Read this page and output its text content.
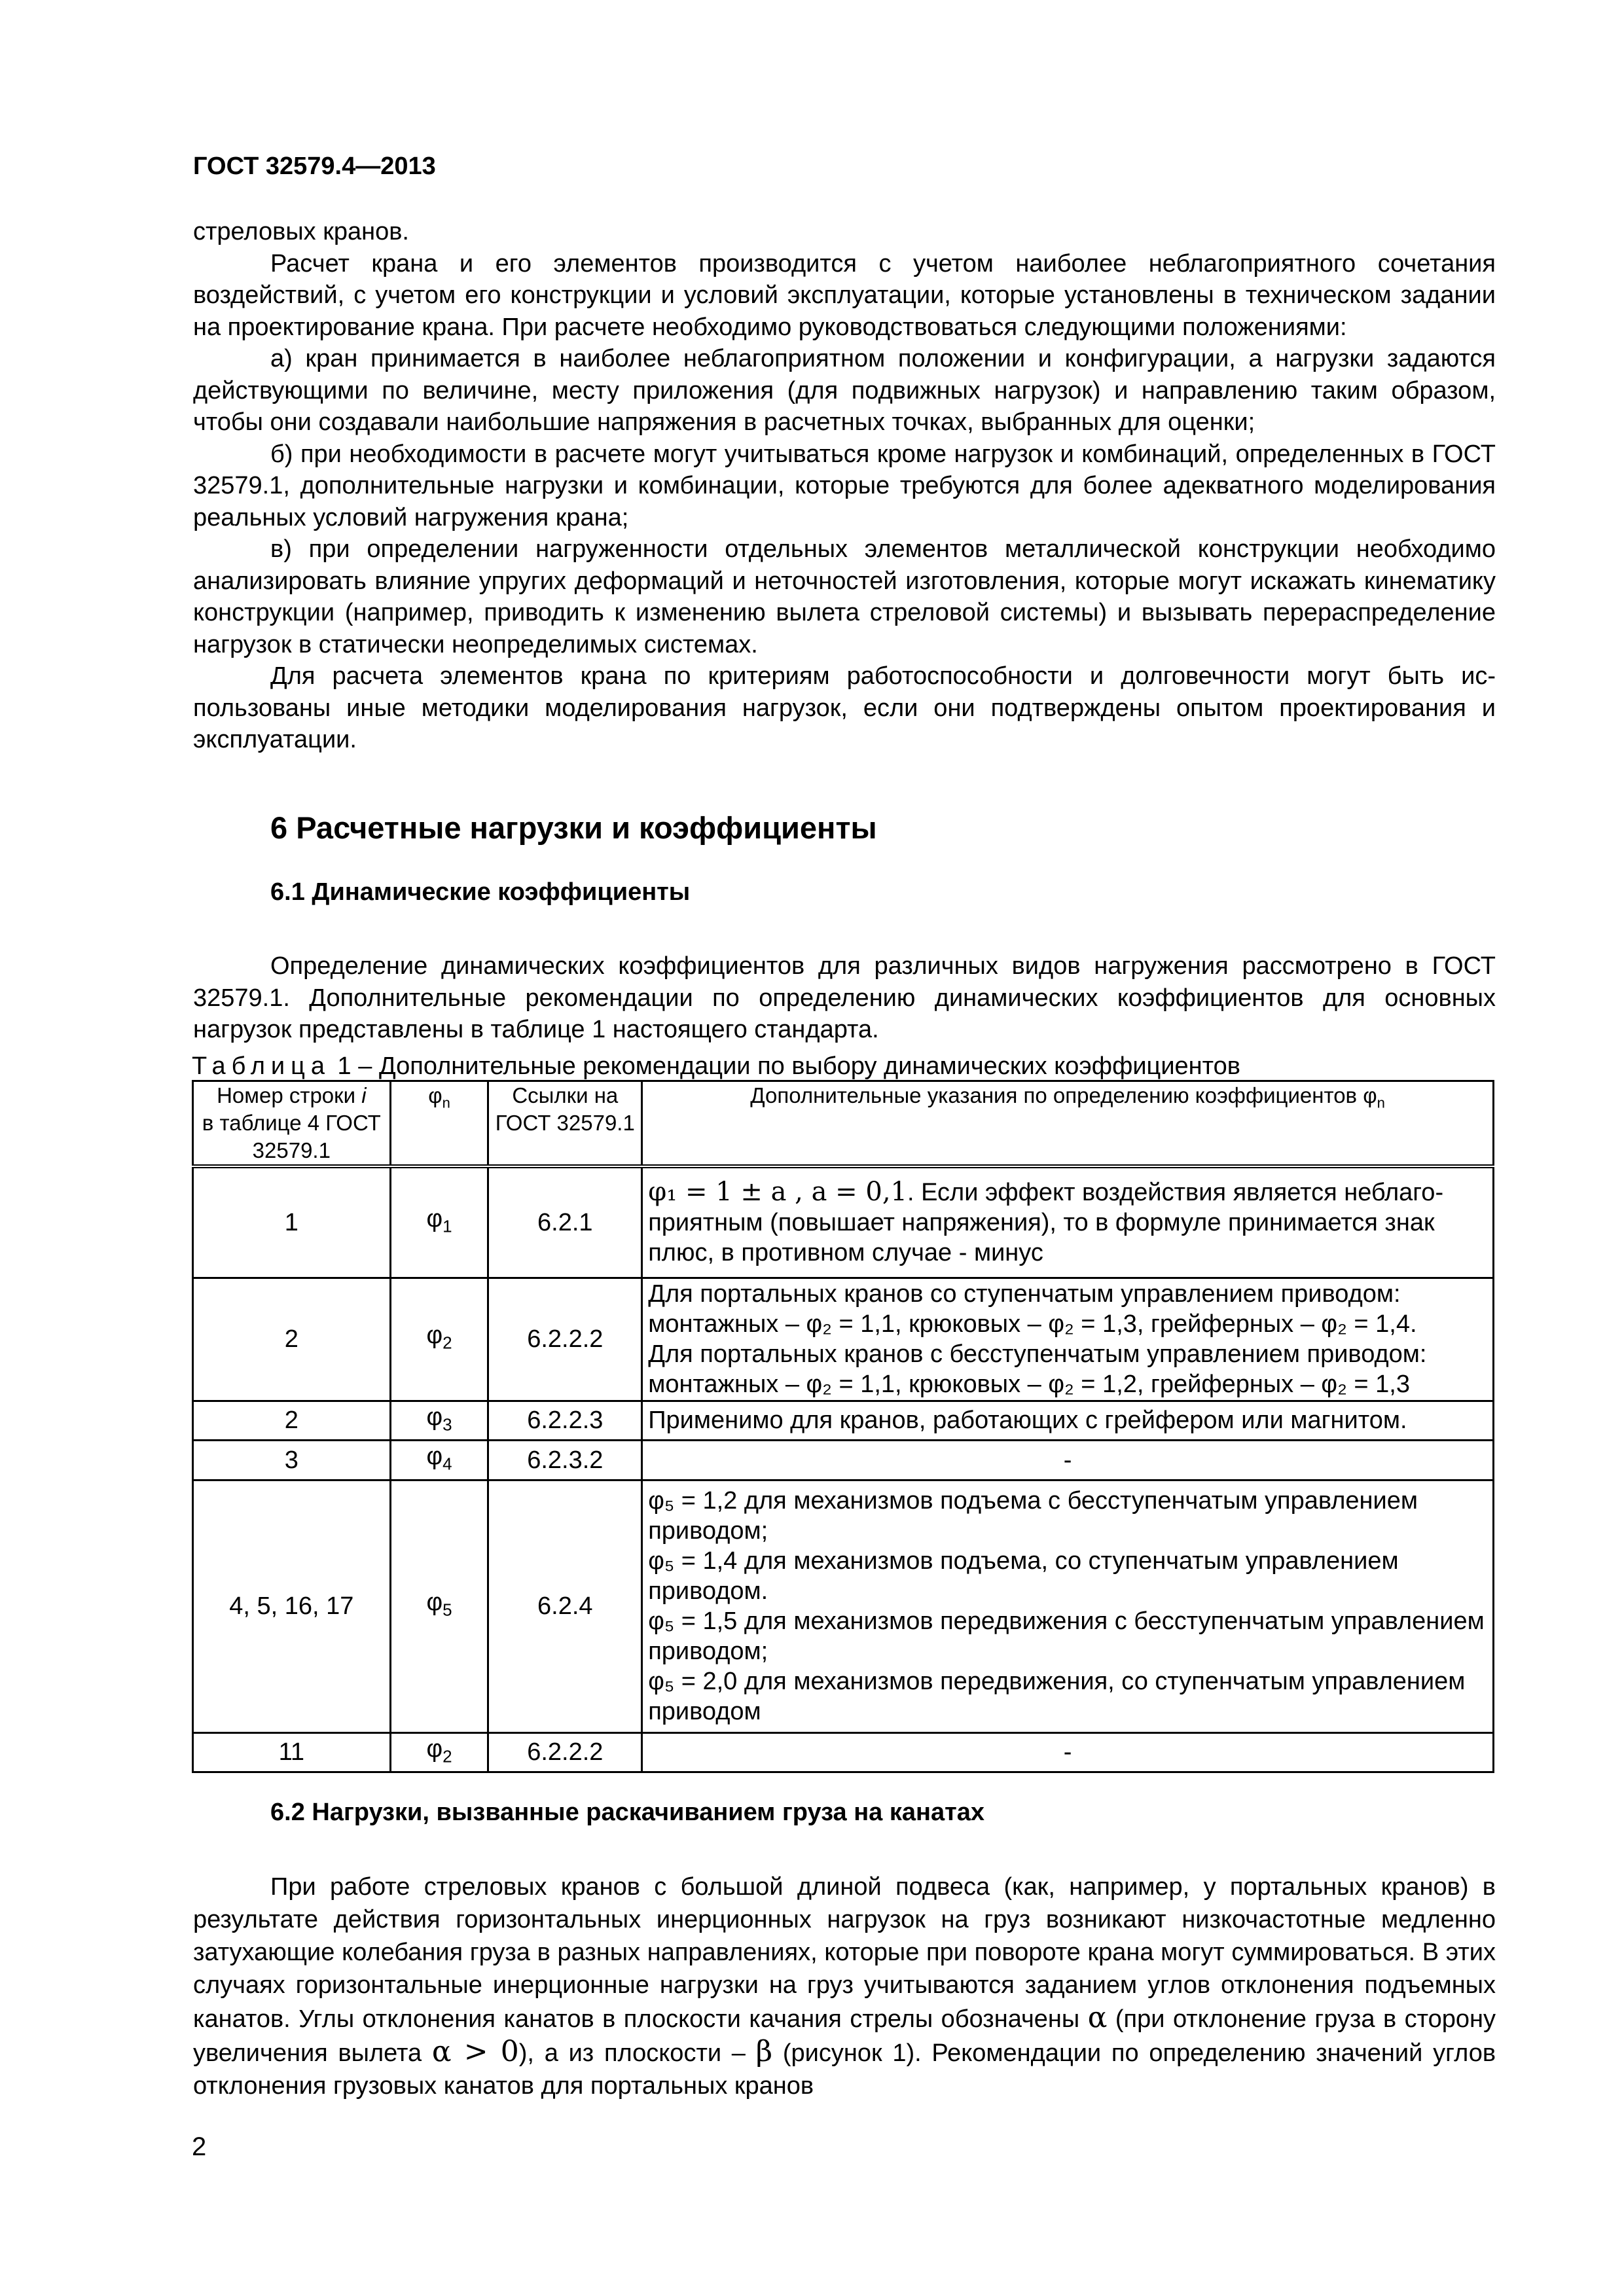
ГОСТ 32579.4—2013

стреловых кранов.

Расчет крана и его элементов производится с учетом наиболее неблагоприятного сочетания воздействий, с учетом его конструкции и условий эксплуатации, которые установлены в техническом задании на проектирование крана. При расчете необходимо руководствоваться следующими положениями:

а) кран принимается в наиболее неблагоприятном положении и конфигурации, а нагрузки задаются действующими по величине, месту приложения (для подвижных нагрузок) и направлению таким образом, чтобы они создавали наибольшие напряжения в расчетных точках, выбранных для оценки;

б) при необходимости в расчете могут учитываться кроме нагрузок и комбинаций, определенных в ГОСТ 32579.1, дополнительные нагрузки и комбинации, которые требуются для более адекватного моделирования реальных условий нагружения крана;

в) при определении нагруженности отдельных элементов металлической конструкции необходимо анализировать влияние упругих деформаций и неточностей изготовления, которые могут искажать кинематику конструкции (например, приводить к изменению вылета стреловой системы) и вызывать перераспределение нагрузок в статически неопределимых системах.

Для расчета элементов крана по критериям работоспособности и долговечности могут быть использованы иные методики моделирования нагрузок, если они подтверждены опытом проектирования и эксплуатации.

6 Расчетные нагрузки и коэффициенты
6.1 Динамические коэффициенты

Определение динамических коэффициентов для различных видов нагружения рассмотрено в ГОСТ 32579.1. Дополнительные рекомендации по определению динамических коэффициентов для основных нагрузок представлены в таблице 1 настоящего стандарта.

Таблица 1 – Дополнительные рекомендации по выбору динамических коэффициентов
Номер строки i
в таблице 4 ГОСТ 32579.1	$\varphi_n$	Ссылки на ГОСТ 32579.1	Дополнительные указания по определению коэффициентов $\varphi_n$
1	$\varphi_1$	6.2.1	φ₁ = 1 ± a , a = 0,1. Если эффект воздействия является неблагоприятным (повышает напряжения), то в формуле принимается знак плюс, в противном случае - минус
2	$\varphi_2$	6.2.2.2	Для портальных кранов со ступенчатым управлением приводом:
монтажных – φ₂ = 1,1, крюковых – φ₂ = 1,3, грейферных – φ₂ = 1,4.
Для портальных кранов с бесступенчатым управлением приводом:
монтажных – φ₂ = 1,1, крюковых – φ₂ = 1,2, грейферных – φ₂ = 1,3

2	$\varphi_3$	6.2.2.3	Применимо для кранов, работающих с грейфером или магнитом.
3	$\varphi_4$	6.2.3.2	-
4, 5, 16, 17	$\varphi_5$	6.2.4	φ₅ = 1,2 для механизмов подъема с бесступенчатым управлением приводом;
φ₅ = 1,4 для механизмов подъема, со ступенчатым управлением приводом.
φ₅ = 1,5 для механизмов передвижения с бесступенчатым управлением приводом;
φ₅ = 2,0 для механизмов передвижения, со ступенчатым управлением приводом

11	$\varphi_2$	6.2.2.2	-
6.2 Нагрузки, вызванные раскачиванием груза на канатах

При работе стреловых кранов с большой длиной подвеса (как, например, у портальных кранов) в результате действия горизонтальных инерционных нагрузок на груз возникают низкочастотные медленно затухающие колебания груза в разных направлениях, которые при повороте крана могут суммироваться. В этих случаях горизонтальные инерционные нагрузки на груз учитываются заданием углов отклонения подъемных канатов. Углы отклонения канатов в плоскости качания стрелы обозначены α (при отклонение груза в сторону увеличения вылета α > 0), а из плоскости – β (рисунок 1). Рекомендации по определению значений углов отклонения грузовых канатов для портальных кранов

2
